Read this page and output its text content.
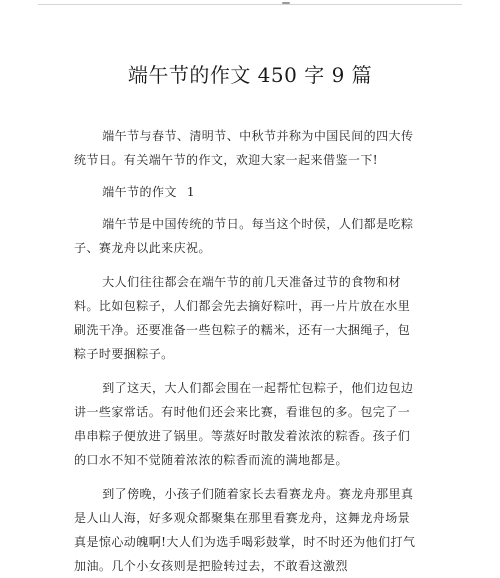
端午节的作文 450 字 9 篇

端午节与春节、清明节、中秋节并称为中国民间的四大传统节日。有关端午节的作文，欢迎大家一起来借鉴一下!

端午节的作文 1

端午节是中国传统的节日。每当这个时侯，人们都是吃粽子、赛龙舟以此来庆祝。

大人们往往都会在端午节的前几天准备过节的食物和材料。比如包粽子，人们都会先去摘好粽叶，再一片片放在水里刷洗干净。还要准备一些包粽子的糯米，还有一大捆绳子，包粽子时要捆粽子。

到了这天，大人们都会围在一起帮忙包粽子，他们边包边讲一些家常话。有时他们还会来比赛，看谁包的多。包完了一串串粽子便放进了锅里。等蒸好时散发着浓浓的粽香。孩子们的口水不知不觉随着浓浓的粽香而流的满地都是。

到了傍晚，小孩子们随着家长去看赛龙舟。赛龙舟那里真是人山人海，好多观众都聚集在那里看赛龙舟，这舞龙舟场景真是惊心动魄啊!大人们为选手喝彩鼓掌，时不时还为他们打气加油。几个小女孩则是把脸转过去，不敢看这激烈
